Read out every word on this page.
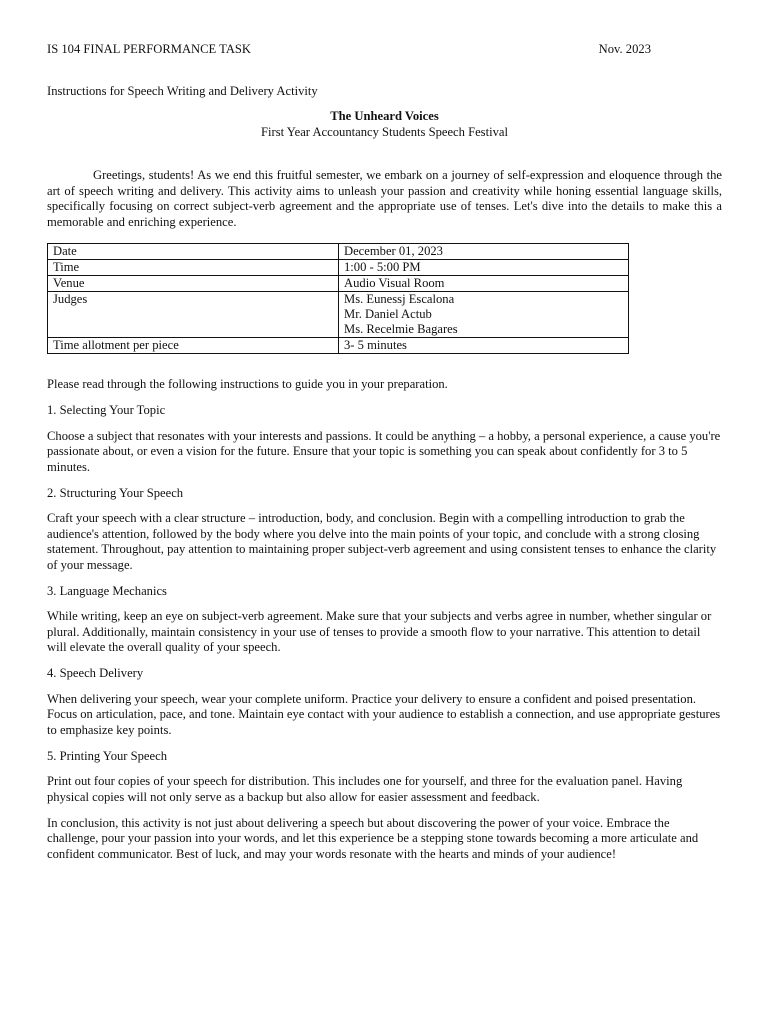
IS 104 FINAL PERFORMANCE TASK	Nov. 2023
Instructions for Speech Writing and Delivery Activity
The Unheard Voices
First Year Accountancy Students Speech Festival

Greetings, students! As we end this fruitful semester, we embark on a journey of self-expression and eloquence through the art of speech writing and delivery. This activity aims to unleash your passion and creativity while honing essential language skills, specifically focusing on correct subject-verb agreement and the appropriate use of tenses. Let's dive into the details to make this a memorable and enriching experience.

Date	December 01, 2023
Time	1:00 - 5:00 PM
Venue	Audio Visual Room
Judges	Ms. Eunessj Escalona
Mr. Daniel Actub
Ms. Recelmie Bagares

Time allotment per piece	3- 5 minutes

Please read through the following instructions to guide you in your preparation.

1. Selecting Your Topic

Choose a subject that resonates with your interests and passions. It could be anything – a hobby, a personal experience, a cause you're passionate about, or even a vision for the future. Ensure that your topic is something you can speak about confidently for 3 to 5 minutes.

2. Structuring Your Speech

Craft your speech with a clear structure – introduction, body, and conclusion. Begin with a compelling introduction to grab the audience's attention, followed by the body where you delve into the main points of your topic, and conclude with a strong closing statement. Throughout, pay attention to maintaining proper subject-verb agreement and using consistent tenses to enhance the clarity of your message.

3. Language Mechanics

While writing, keep an eye on subject-verb agreement. Make sure that your subjects and verbs agree in number, whether singular or plural. Additionally, maintain consistency in your use of tenses to provide a smooth flow to your narrative. This attention to detail will elevate the overall quality of your speech.

4. Speech Delivery

When delivering your speech, wear your complete uniform. Practice your delivery to ensure a confident and poised presentation. Focus on articulation, pace, and tone. Maintain eye contact with your audience to establish a connection, and use appropriate gestures to emphasize key points.

5. Printing Your Speech

Print out four copies of your speech for distribution. This includes one for yourself, and three for the evaluation panel. Having physical copies will not only serve as a backup but also allow for easier assessment and feedback.

In conclusion, this activity is not just about delivering a speech but about discovering the power of your voice. Embrace the challenge, pour your passion into your words, and let this experience be a stepping stone towards becoming a more articulate and confident communicator. Best of luck, and may your words resonate with the hearts and minds of your audience!
